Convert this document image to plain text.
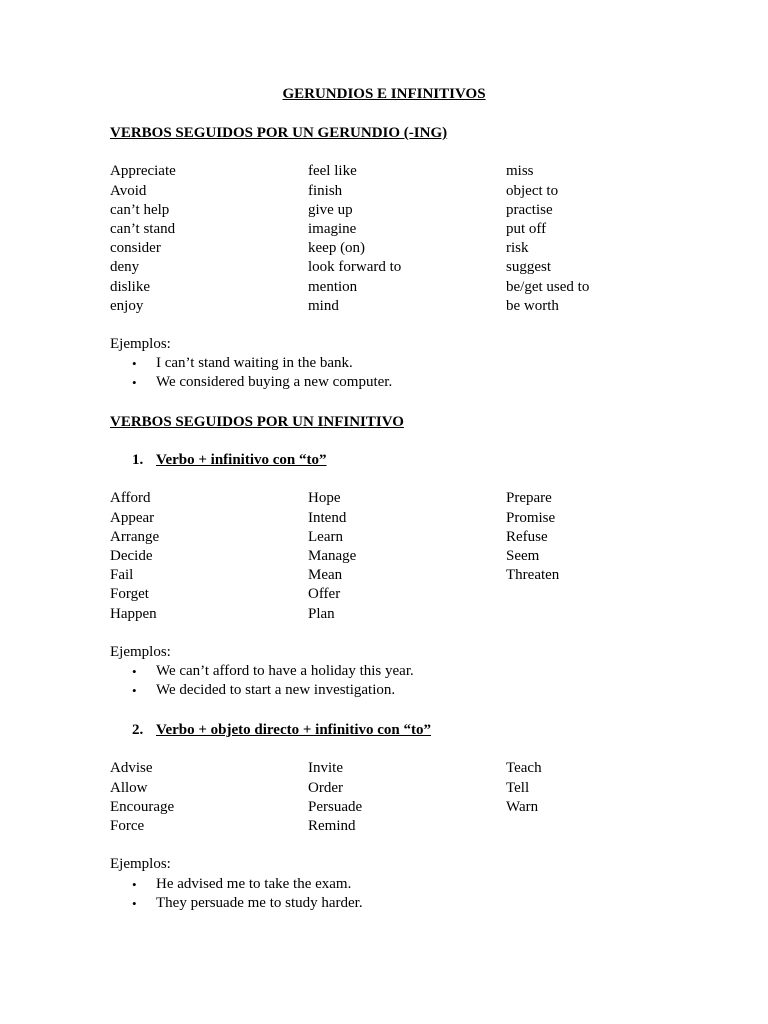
GERUNDIOS E INFINITIVOS
VERBOS SEGUIDOS POR UN GERUNDIO (-ING)
Appreciate
Avoid
can’t help
can’t stand
consider
deny
dislike
enjoy
feel like
finish
give up
imagine
keep (on)
look forward to
mention
mind
miss
object to
practise
put off
risk
suggest
be/get used to
be worth
Ejemplos:
• I can’t stand waiting in the bank.
• We considered buying a new computer.
VERBOS SEGUIDOS POR UN INFINITIVO
1. Verbo + infinitivo con “to”
Afford
Appear
Arrange
Decide
Fail
Forget
Happen
Hope
Intend
Learn
Manage
Mean
Offer
Plan
Prepare
Promise
Refuse
Seem
Threaten
Ejemplos:
• We can’t afford to have a holiday this year.
• We decided to start a new investigation.
2. Verbo + objeto directo + infinitivo con “to”
Advise
Allow
Encourage
Force
Invite
Order
Persuade
Remind
Teach
Tell
Warn
Ejemplos:
• He advised me to take the exam.
• They persuade me to study harder.
